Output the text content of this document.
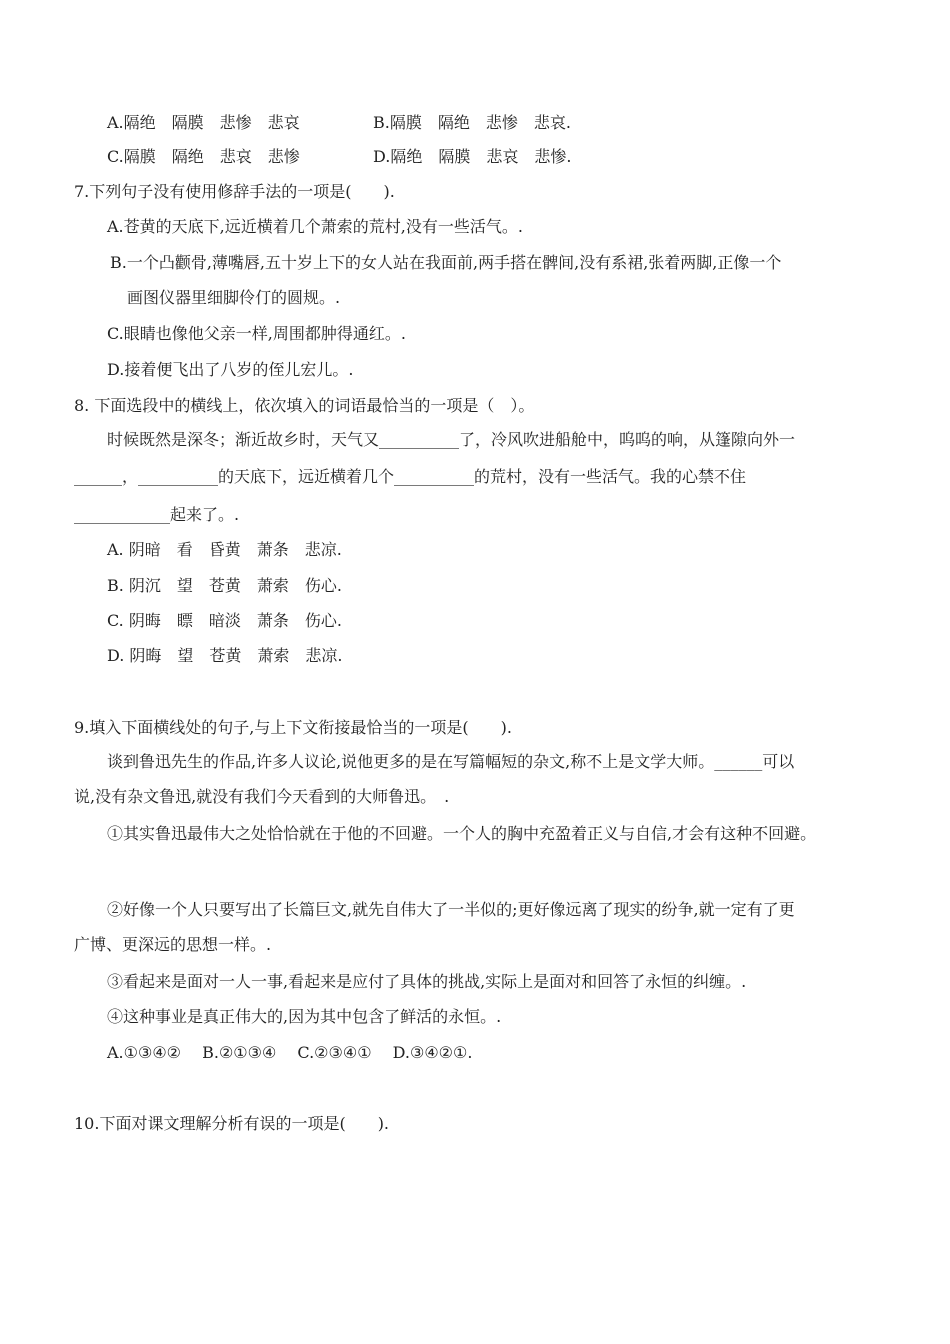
A.隔绝　隔膜　悲惨　悲哀	B.隔膜　隔绝　悲惨　悲哀.
C.隔膜　隔绝　悲哀　悲惨	D.隔绝　隔膜　悲哀　悲惨.
7.下列句子没有使用修辞手法的一项是(　　).
A.苍黄的天底下,远近横着几个萧索的荒村,没有一些活气。.
B.一个凸颧骨,薄嘴唇,五十岁上下的女人站在我面前,两手搭在髀间,没有系裙,张着两脚,正像一个
画图仪器里细脚伶仃的圆规。.
C.眼睛也像他父亲一样,周围都肿得通红。.
D.接着便飞出了八岁的侄儿宏儿。.
8. 下面选段中的横线上，依次填入的词语最恰当的一项是（　）。
时候既然是深冬；渐近故乡时，天气又__________了，冷风吹进船舱中，呜呜的响，从篷隙向外一
______，__________的天底下，远近横着几个__________的荒村，没有一些活气。我的心禁不住
____________起来了。.
A. 阴暗　看　昏黄　萧条　悲凉.
B. 阴沉　望　苍黄　萧索　伤心.
C. 阴晦　瞟　暗淡　萧条　伤心.
D. 阴晦　望　苍黄　萧索　悲凉.
9.填入下面横线处的句子,与上下文衔接最恰当的一项是(　　).
谈到鲁迅先生的作品,许多人议论,说他更多的是在写篇幅短的杂文,称不上是文学大师。______可以
说,没有杂文鲁迅,就没有我们今天看到的大师鲁迅。　.
①其实鲁迅最伟大之处恰恰就在于他的不回避。一个人的胸中充盈着正义与自信,才会有这种不回避。
②好像一个人只要写出了长篇巨文,就先自伟大了一半似的;更好像远离了现实的纷争,就一定有了更
广博、更深远的思想一样。.
③看起来是面对一人一事,看起来是应付了具体的挑战,实际上是面对和回答了永恒的纠缠。.
④这种事业是真正伟大的,因为其中包含了鲜活的永恒。.
A.①③④②　 B.②①③④　 C.②③④①　 D.③④②①.
10.下面对课文理解分析有误的一项是(　　).
